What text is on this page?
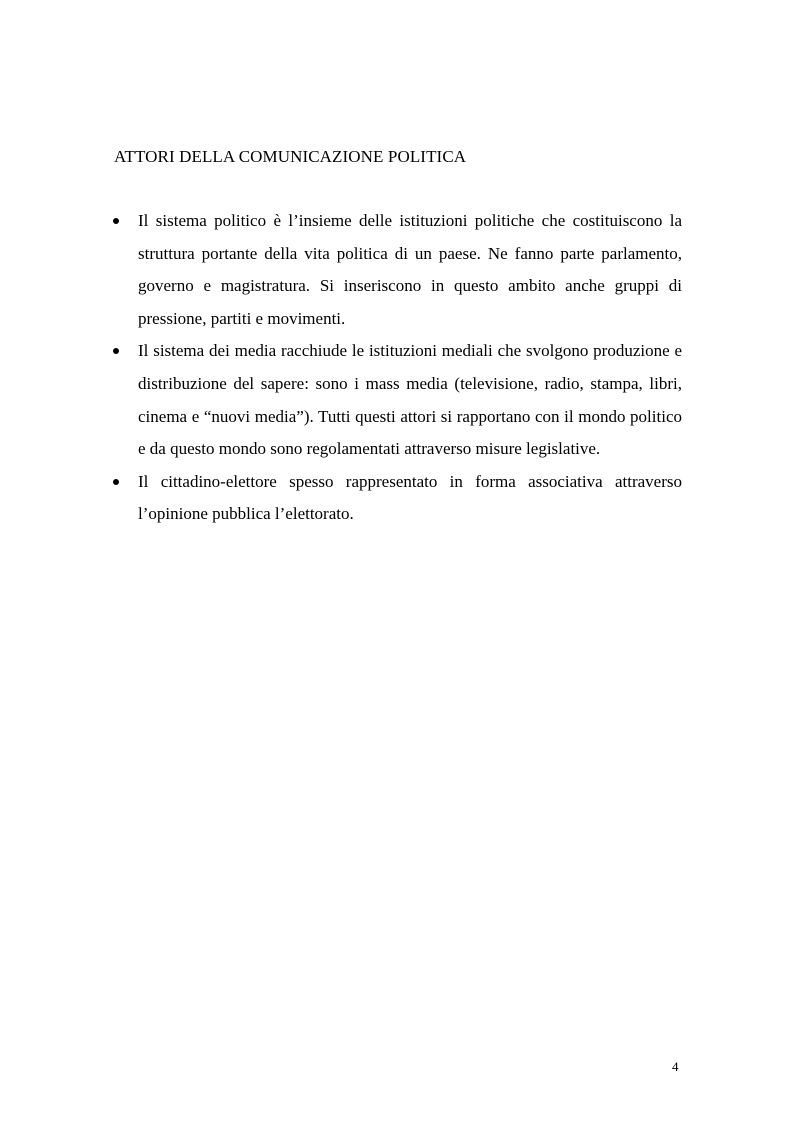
ATTORI DELLA COMUNICAZIONE POLITICA
Il sistema politico è l’insieme delle istituzioni politiche che costituiscono la struttura portante della vita politica di un paese. Ne fanno parte parlamento, governo e magistratura. Si inseriscono in questo ambito anche gruppi di pressione, partiti e movimenti.
Il sistema dei media racchiude le istituzioni mediali che svolgono produzione e distribuzione del sapere: sono i mass media (televisione, radio, stampa, libri, cinema e “nuovi media”). Tutti questi attori si rapportano con il mondo politico e da questo mondo sono regolamentati attraverso misure legislative.
Il cittadino-elettore spesso rappresentato in forma associativa attraverso l’opinione pubblica l’elettorato.
4
